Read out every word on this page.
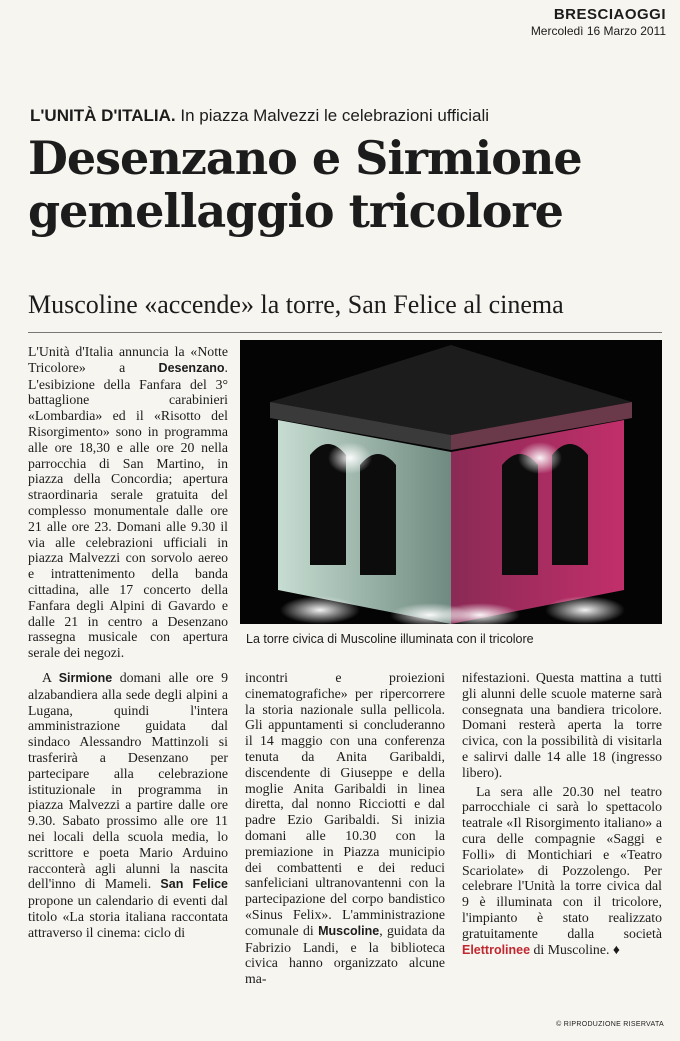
BRESCIAOGGI
Mercoledì 16 Marzo 2011
L'UNITÀ D'ITALIA. In piazza Malvezzi le celebrazioni ufficiali
Desenzano e Sirmione
gemellaggio tricolore
Muscoline «accende» la torre, San Felice al cinema
La torre civica di Muscoline illuminata con il tricolore

L'Unità d'Italia annuncia la «Notte Tricolore» a Desenzano. L'esibizione della Fanfara del 3° battaglione carabinieri «Lombardia» ed il «Risotto del Risorgimento» sono in programma alle ore 18,30 e alle ore 20 nella parrocchia di San Martino, in piazza della Concordia; apertura straordinaria serale gratuita del complesso monumentale dalle ore 21 alle ore 23. Domani alle 9.30 il via alle celebrazioni ufficiali in piazza Malvezzi con sorvolo aereo e intrattenimento della banda cittadina, alle 17 concerto della Fanfara degli Alpini di Gavardo e dalle 21 in centro a Desenzano rassegna musicale con apertura serale dei negozi.

A Sirmione domani alle ore 9 alzabandiera alla sede degli alpini a Lugana, quindi l'intera amministrazione guidata dal sindaco Alessandro Mattinzoli si trasferirà a Desenzano per partecipare alla celebrazione istituzionale in programma in piazza Malvezzi a partire dalle ore 9.30. Sabato prossimo alle ore 11 nei locali della scuola media, lo scrittore e poeta Mario Arduino racconterà agli alunni la nascita dell'inno di Mameli. San Felice propone un calendario di eventi dal titolo «La storia italiana raccontata attraverso il cinema: ciclo di

incontri e proiezioni cinematografiche» per ripercorrere la storia nazionale sulla pellicola. Gli appuntamenti si concluderanno il 14 maggio con una conferenza tenuta da Anita Garibaldi, discendente di Giuseppe e della moglie Anita Garibaldi in linea diretta, dal nonno Ricciotti e dal padre Ezio Garibaldi. Si inizia domani alle 10.30 con la premiazione in Piazza municipio dei combattenti e dei reduci sanfeliciani ultranovantenni con la partecipazione del corpo bandistico «Sinus Felix». L'amministrazione comunale di Muscoline, guidata da Fabrizio Landi, e la biblioteca civica hanno organizzato alcune ma-

nifestazioni. Questa mattina a tutti gli alunni delle scuole materne sarà consegnata una bandiera tricolore. Domani resterà aperta la torre civica, con la possibilità di visitarla e salirvi dalle 14 alle 18 (ingresso libero).

La sera alle 20.30 nel teatro parrocchiale ci sarà lo spettacolo teatrale «Il Risorgimento italiano» a cura delle compagnie «Saggi e Folli» di Montichiari e «Teatro Scariolate» di Pozzolengo. Per celebrare l'Unità la torre civica dal 9 è illuminata con il tricolore, l'impianto è stato realizzato gratuitamente dalla società Elettrolinee di Muscoline. ♦

© RIPRODUZIONE RISERVATA
